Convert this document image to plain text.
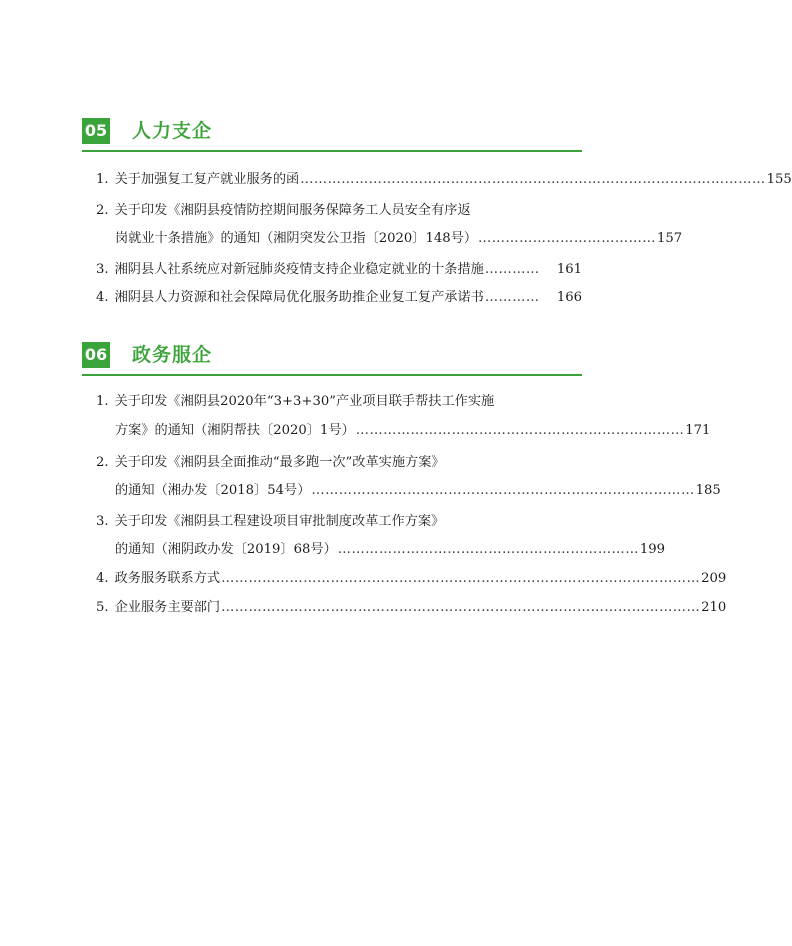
05 人力支企
1. 关于加强复工复产就业服务的函 ………………………………………………………………………………………… 155
2. 关于印发《湘阴县疫情防控期间服务保障务工人员安全有序返
岗就业十条措施》的通知（湘阴突发公卫指〔2020〕148号） ………………………………… 157
3. 湘阴县人社系统应对新冠肺炎疫情支持企业稳定就业的十条措施 …………	161
4. 湘阴县人力资源和社会保障局优化服务助推企业复工复产承诺书 …………	166
06 政务服企
1. 关于印发《湘阴县2020年“3+3+30”产业项目联手帮扶工作实施
方案》的通知（湘阴帮扶〔2020〕1号） ……………………………………………………………… 171
2. 关于印发《湘阴县全面推动“最多跑一次”改革实施方案》
的通知（湘办发〔2018〕54号） ………………………………………………………………………… 185
3. 关于印发《湘阴县工程建设项目审批制度改革工作方案》
的通知（湘阴政办发〔2019〕68号） ………………………………………………………… 199
4. 政务服务联系方式 …………………………………………………………………………………………… 209
5. 企业服务主要部门 …………………………………………………………………………………………… 210
